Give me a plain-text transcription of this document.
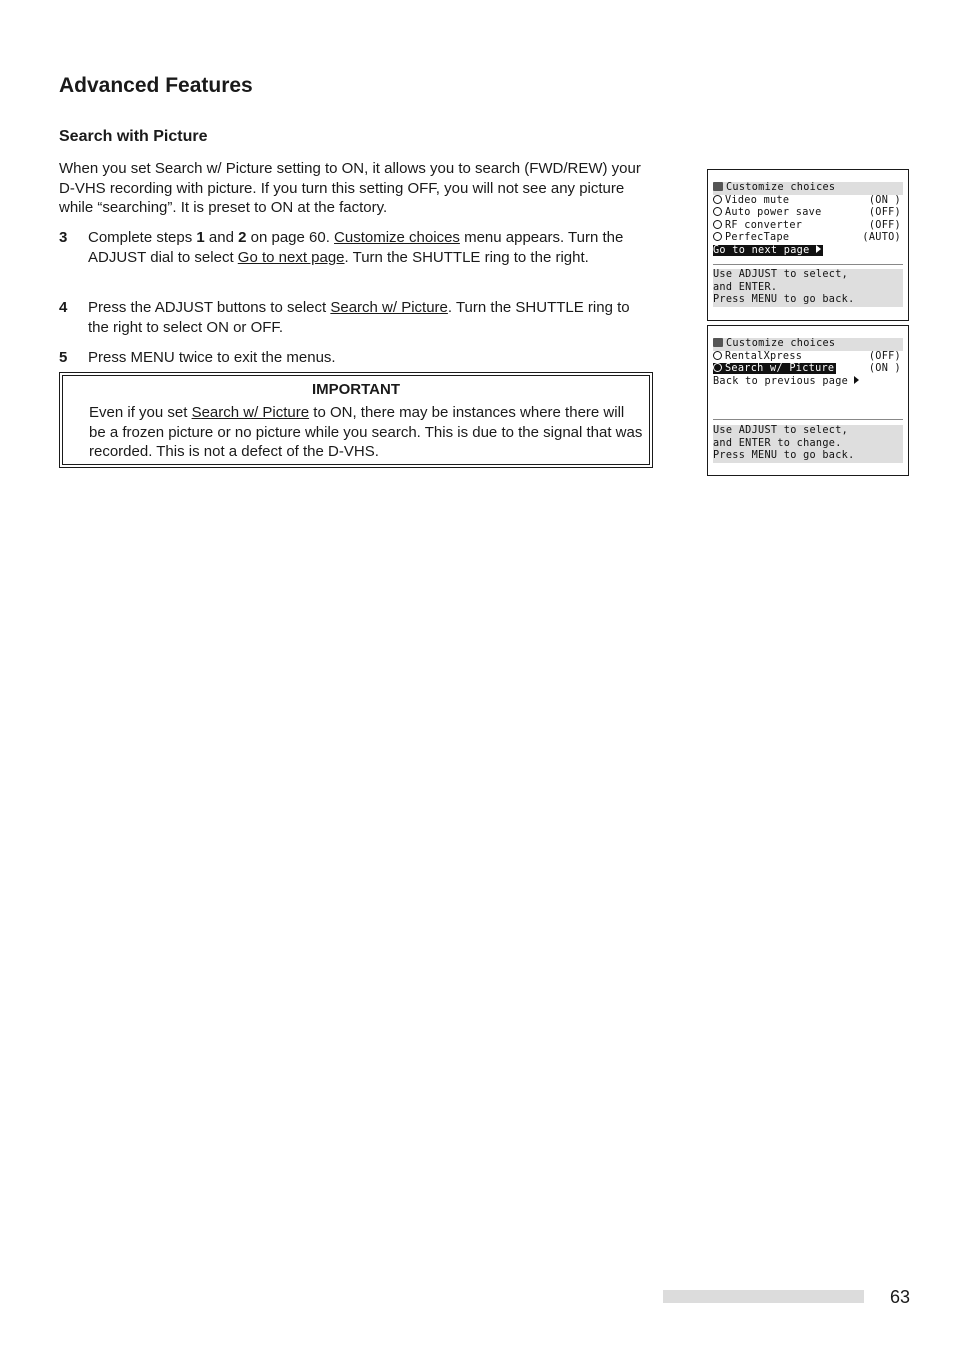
Advanced Features
Search with Picture

When you set Search w/ Picture setting to ON, it allows you to search (FWD/REW) your D-VHS recording with picture. If you turn this setting OFF, you will not see any picture while “searching”. It is preset to ON at the factory.

3 Complete steps 1 and 2 on page 60. Customize choices menu appears. Turn the ADJUST dial to select Go to next page. Turn the SHUTTLE ring to the right.
4 Press the ADJUST buttons to select Search w/ Picture. Turn the SHUTTLE ring to the right to select ON or OFF.
5 Press MENU twice to exit the menus.
IMPORTANT
Even if you set Search w/ Picture to ON, there may be instances where there will be a frozen picture or no picture while you search. This is due to the signal that was recorded. This is not a defect of the D-VHS.
Customize choices
Video mute	(ON )
Auto power save	(OFF)
RF converter	(OFF)
PerfecTape	(AUTO)
Go to next page
Use ADJUST to select,
and ENTER.
Press MENU to go back.
Customize choices
RentalXpress	(OFF)
Search w/ Picture	(ON )
Back to previous page
Use ADJUST to select,
and ENTER to change.
Press MENU to go back.
63
